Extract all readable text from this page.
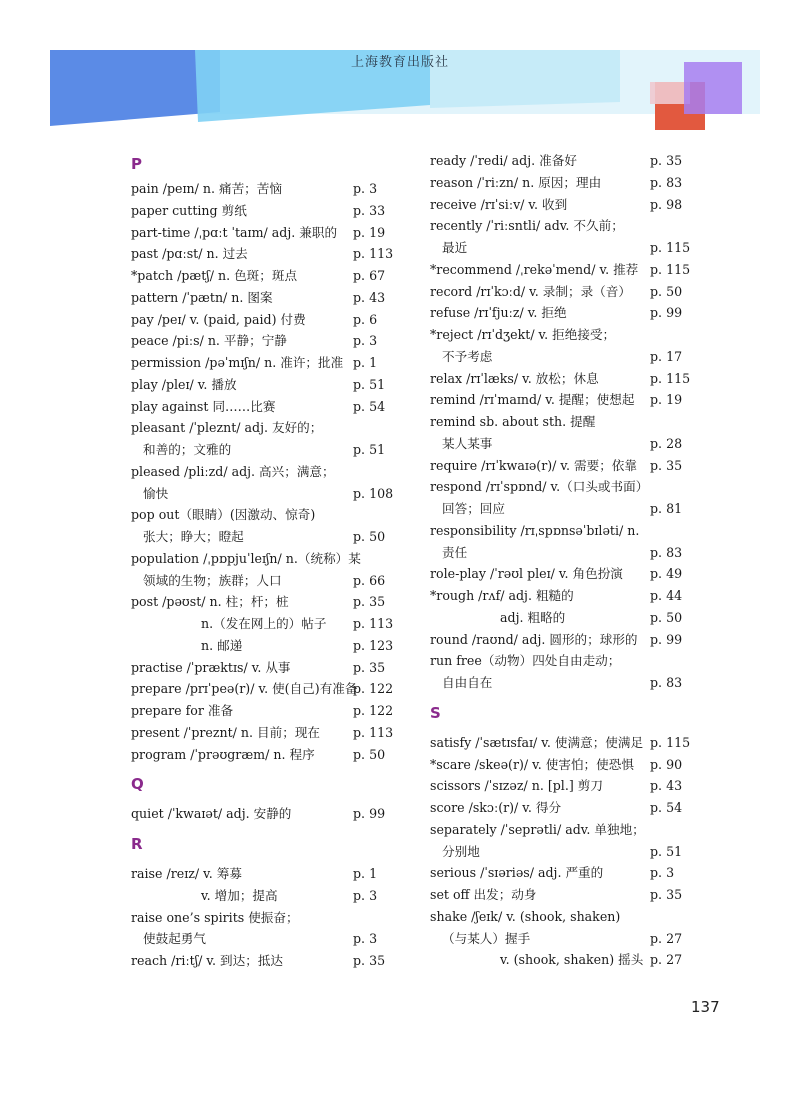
上海教育出版社
P
pain /peɪn/ n. 痛苦；苦恼	p. 3
paper cutting 剪纸	p. 33
part-time /ˌpɑːt ˈtaɪm/ adj. 兼职的 p. 19
past /pɑːst/ n. 过去	p. 113
*patch /pætʃ/ n. 色斑；斑点	p. 67
pattern /ˈpætn/ n. 图案	p. 43
pay /peɪ/ v. (paid, paid) 付费	p. 6
peace /piːs/ n. 平静；宁静	p. 3
permission /pəˈmɪʃn/ n. 准许；批准 p. 1
play /pleɪ/ v. 播放	p. 51
play against 同……比赛	p. 54
pleasant /ˈpleznt/ adj. 友好的；
和善的；文雅的	p. 51
pleased /pliːzd/ adj. 高兴；满意；
愉快	p. 108
pop out（眼睛）(因激动、惊奇)
张大；睁大；瞪起	p. 50
population /ˌpɒpjuˈleɪʃn/ n.（统称）某
领域的生物；族群；人口	p. 66
post /pəʊst/ n. 柱；杆；桩	p. 35
n.（发在网上的）帖子 p. 113
n. 邮递	p. 123
practise /ˈpræktɪs/ v. 从事	p. 35
prepare /prɪˈpeə(r)/ v. 使(自己)有准备
p. 122
prepare for 准备	p. 122
present /ˈpreznt/ n. 目前；现在	p. 113
program /ˈprəʊgræm/ n. 程序	p. 50
Q
quiet /ˈkwaɪət/ adj. 安静的	p. 99
R
raise /reɪz/ v. 筹募	p. 1
v. 增加；提高	p. 3
raise one’s spirits 使振奋；
使鼓起勇气	p. 3
reach /riːtʃ/ v. 到达；抵达	p. 35
ready /ˈredi/ adj. 准备好	p. 35
reason /ˈriːzn/ n. 原因；理由	p. 83
receive /rɪˈsiːv/ v. 收到	p. 98
recently /ˈriːsntli/ adv. 不久前；
最近	p. 115
*recommend /ˌrekəˈmend/ v. 推荐 p. 115
record /rɪˈkɔːd/ v. 录制；录（音） p. 50
refuse /rɪˈfjuːz/ v. 拒绝	p. 99
*reject /rɪˈdʒekt/ v. 拒绝接受；
不予考虑	p. 17
relax /rɪˈlæks/ v. 放松；休息	p. 115
remind /rɪˈmaɪnd/ v. 提醒；使想起 p. 19
remind sb. about sth. 提醒
某人某事	p. 28
require /rɪˈkwaɪə(r)/ v. 需要；依靠 p. 35
respond /rɪˈspɒnd/ v.（口头或书面）
回答；回应	p. 81
responsibility /rɪˌspɒnsəˈbɪləti/ n.
责任	p. 83
role-play /ˈrəʊl pleɪ/ v. 角色扮演 p. 49
*rough /rʌf/ adj. 粗糙的	p. 44
adj. 粗略的	p. 50
round /raʊnd/ adj. 圆形的；球形的 p. 99
run free（动物）四处自由走动；
自由自在	p. 83
S
satisfy /ˈsætɪsfaɪ/ v. 使满意；使满足 p. 115
*scare /skeə(r)/ v. 使害怕；使恐惧 p. 90
scissors /ˈsɪzəz/ n. [pl.] 剪刀	p. 43
score /skɔː(r)/ v. 得分	p. 54
separately /ˈseprətli/ adv. 单独地；
分别地	p. 51
serious /ˈsɪəriəs/ adj. 严重的	p. 3
set off 出发；动身	p. 35
shake /ʃeɪk/ v. (shook, shaken)
（与某人）握手	p. 27
v. (shook, shaken) 摇头 p. 27
137
